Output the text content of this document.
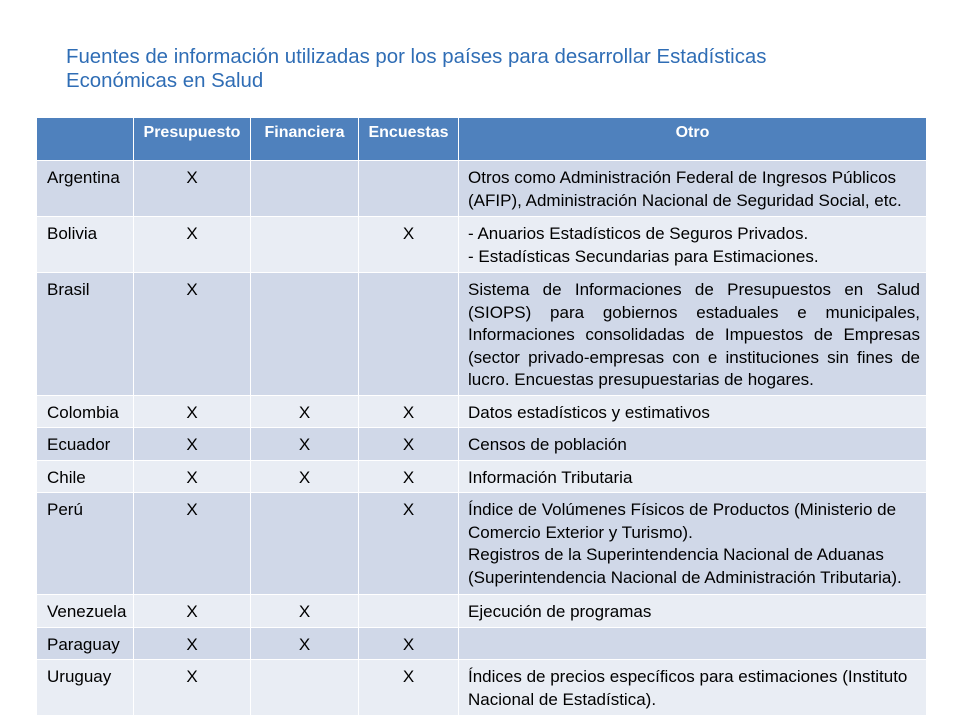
Fuentes de información utilizadas por los países para desarrollar Estadísticas
Económicas en Salud
	Presupuesto	Financiera	Encuestas	Otro
Argentina	X			Otros como Administración Federal de Ingresos Públicos (AFIP), Administración Nacional de Seguridad Social, etc.

Bolivia	X		X	- Anuarios Estadísticos de Seguros Privados.

- Estadísticas Secundarias para Estimaciones.

Brasil	X			Sistema de Informaciones de Presupuestos en Salud (SIOPS) para gobiernos estaduales e municipales, Informaciones consolidadas de Impuestos de Empresas (sector privado-empresas con e instituciones sin fines de lucro. Encuestas presupuestarias de hogares.

Colombia	X	X	X	Datos estadísticos y estimativos

Ecuador	X	X	X	Censos de población

Chile	X	X	X	Información Tributaria

Perú	X		X	Índice de Volúmenes Físicos de Productos (Ministerio de Comercio Exterior y Turismo).

Registros de la Superintendencia Nacional de Aduanas (Superintendencia Nacional de Administración Tributaria).

Venezuela	X	X		Ejecución de programas

Paraguay	X	X	X	
Uruguay	X		X	Índices de precios específicos para estimaciones (Instituto Nacional de Estadística).
